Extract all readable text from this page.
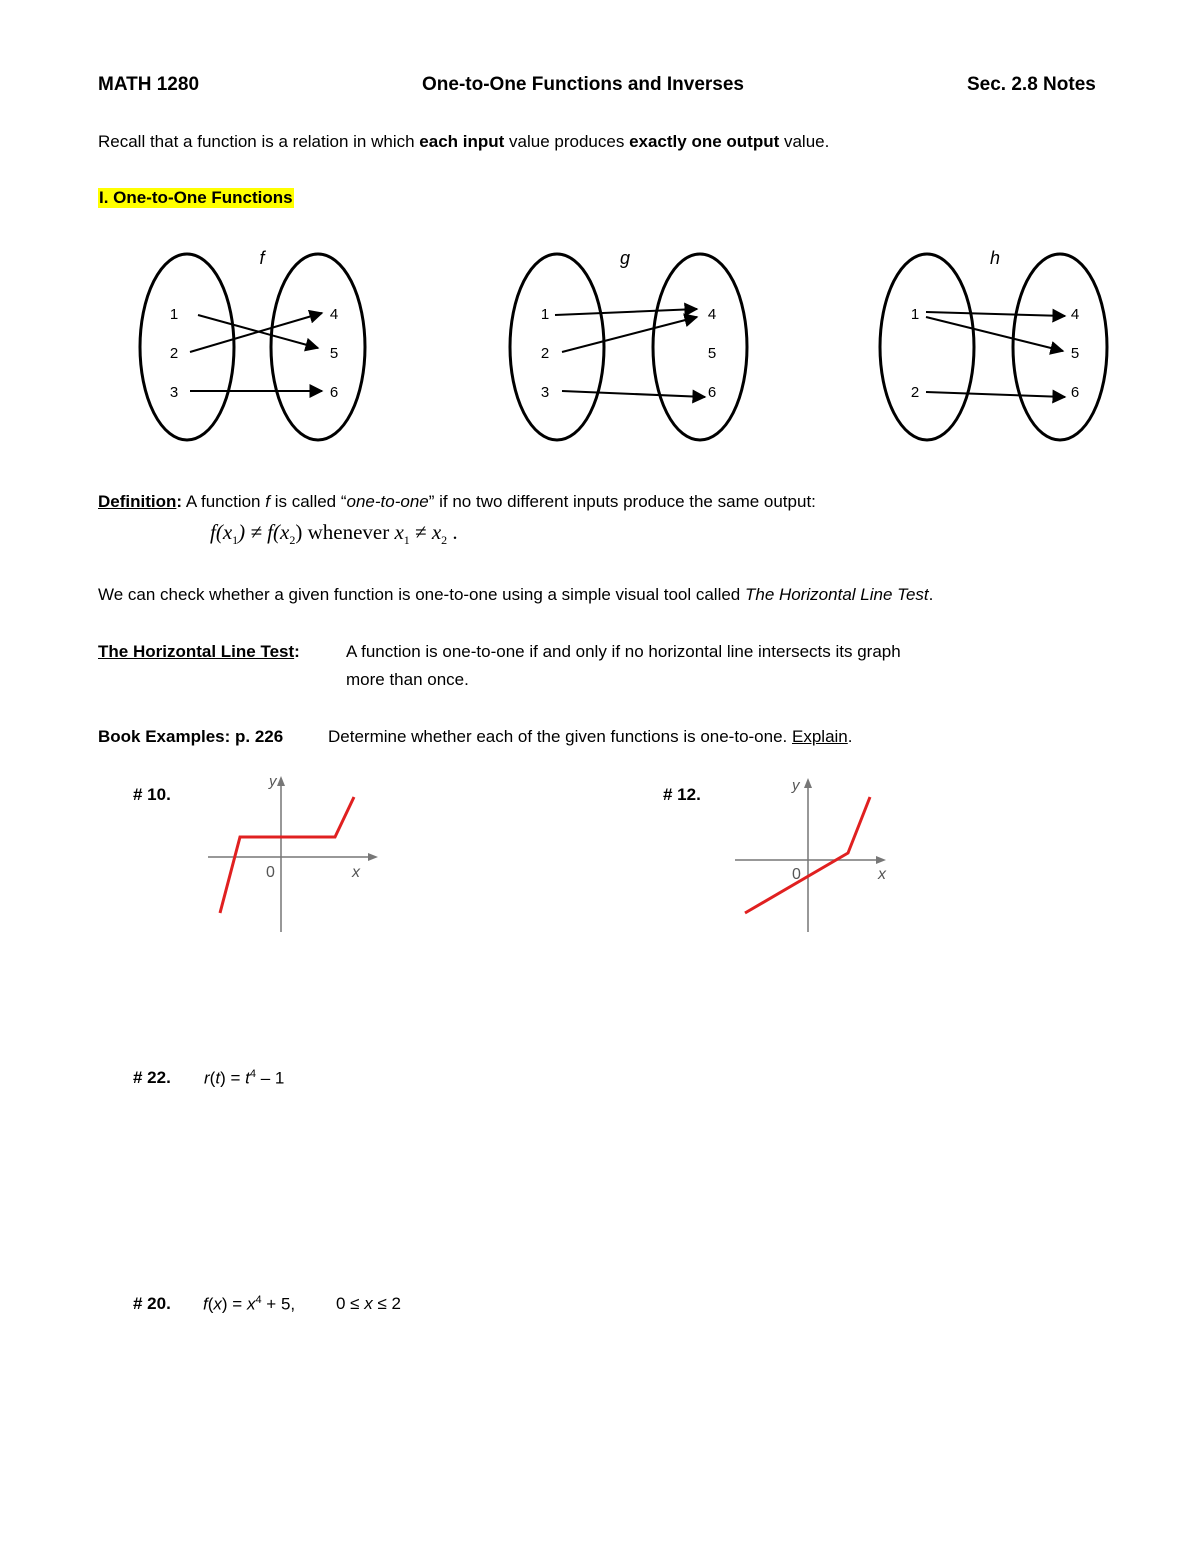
MATH 1280	One-to-One Functions and Inverses	Sec. 2.8 Notes
Recall that a function is a relation in which each input value produces exactly one output value.
I. One-to-One Functions
f
1
2
3
4
5
6
g
1
2
3
4
5
6
h
1
2
4
5
6
Definition: A function f is called “one-to-one” if no two different inputs produce the same output:
$f(x_1) \ne f(x_2)$ whenever $x_1 \ne x_2$ .
We can check whether a given function is one-to-one using a simple visual tool called The Horizontal Line Test.
The Horizontal Line Test:	A function is one-to-one if and only if no horizontal line intersects its graph
more than once.
Book Examples: p. 226	Determine whether each of the given functions is one-to-one. Explain.
# 10.
y
x
0
# 12.	y
x
0
# 22. $r(t) = t^4 - 1$
# 20. $f(x) = x^4 + 5$, 0 ≤ x ≤ 2
